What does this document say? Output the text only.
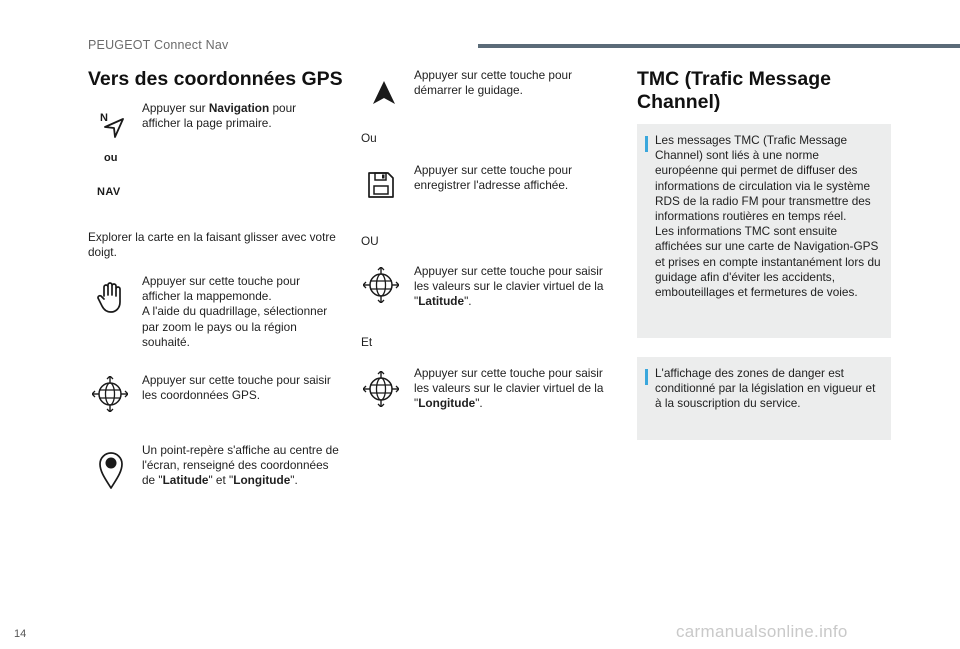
PEUGEOT Connect Nav
Vers des coordonnées GPS
N
ou
NAV
Appuyer sur Navigation pour afficher la page primaire.
Explorer la carte en la faisant glisser avec votre doigt.
Appuyer sur cette touche pour afficher la mappemonde.
A l'aide du quadrillage, sélectionner par zoom le pays ou la région souhaité.
Appuyer sur cette touche pour saisir les coordonnées GPS.
Un point-repère s'affiche au centre de l'écran, renseigné des coordonnées de "Latitude" et "Longitude".
Appuyer sur cette touche pour démarrer le guidage.
Ou
Appuyer sur cette touche pour enregistrer l'adresse affichée.
OU
Appuyer sur cette touche pour saisir les valeurs sur le clavier virtuel de la "Latitude".
Et
Appuyer sur cette touche pour saisir les valeurs sur le clavier virtuel de la "Longitude".
TMC (Trafic Message
Channel)
Les messages TMC (Trafic Message Channel) sont liés à une norme européenne qui permet de diffuser des informations de circulation via le système RDS de la radio FM pour transmettre des informations routières en temps réel.
Les informations TMC sont ensuite affichées sur une carte de Navigation-GPS et prises en compte instantanément lors du guidage afin d'éviter les accidents, embouteillages et fermetures de voies.
L'affichage des zones de danger est conditionné par la législation en vigueur et à la souscription du service.
14	carmanualsonline.info
